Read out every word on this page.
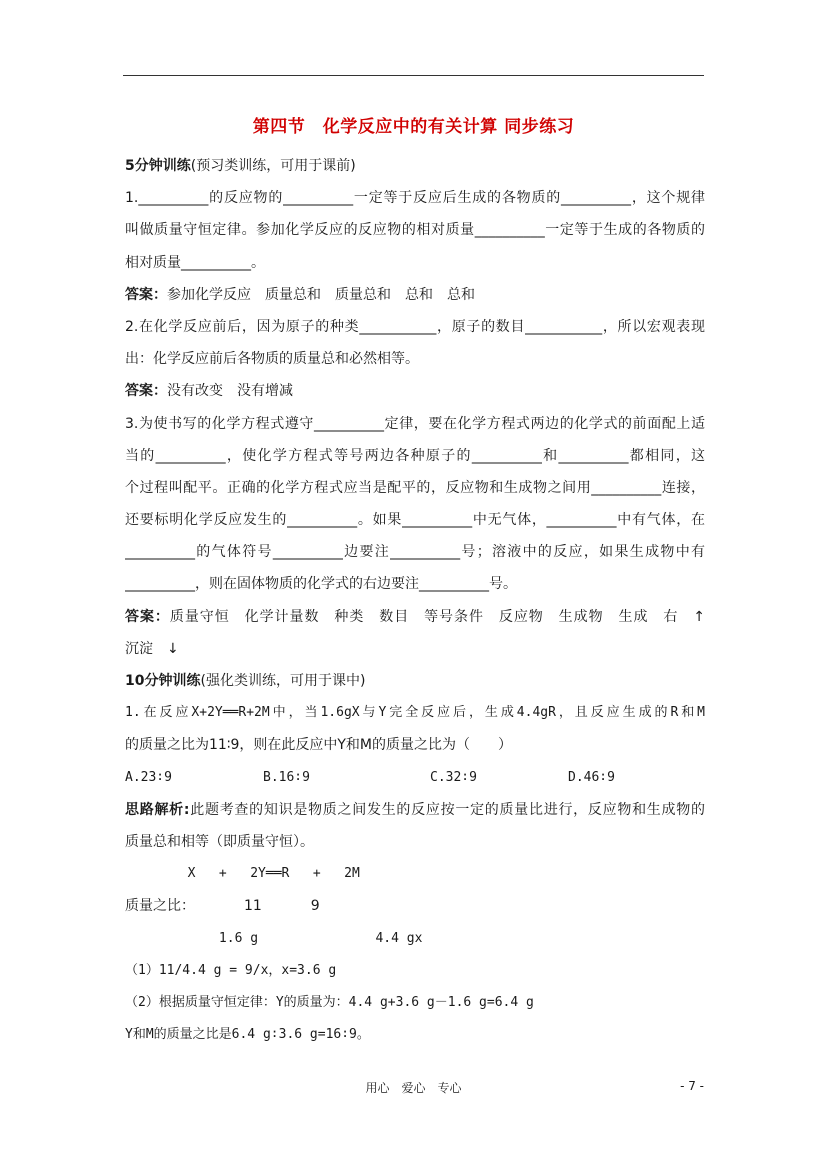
第四节　化学反应中的有关计算 同步练习
5分钟训练(预习类训练，可用于课前)
1.__________的反应物的__________一定等于反应后生成的各物质的__________，这个规律
叫做质量守恒定律。参加化学反应的反应物的相对质量__________一定等于生成的各物质的
相对质量__________。
答案：参加化学反应　质量总和　质量总和　总和　总和
2.在化学反应前后，因为原子的种类___________，原子的数目___________，所以宏观表现
出：化学反应前后各物质的质量总和必然相等。
答案：没有改变　没有增减
3.为使书写的化学方程式遵守__________定律，要在化学方程式两边的化学式的前面配上适
当的__________，使化学方程式等号两边各种原子的__________和__________都相同，这
个过程叫配平。正确的化学方程式应当是配平的，反应物和生成物之间用__________连接，
还要标明化学反应发生的__________。如果__________中无气体，__________中有气体，在
__________的气体符号__________边要注__________号；溶液中的反应，如果生成物中有
__________，则在固体物质的化学式的右边要注__________号。
答案：质量守恒　化学计量数　种类　数目　等号条件　反应物　生成物　生成　右　↑
沉淀　↓
10分钟训练(强化类训练，可用于课中)
1.在反应X+2Y══R+2M中，当1.6gX与Y完全反应后，生成4.4gR，且反应生成的R和M
的质量之比为11∶9，则在此反应中Y和M的质量之比为（　　）
A.23∶9	B.16∶9	C.32∶9	D.46∶9
思路解析:此题考查的知识是物质之间发生的反应按一定的质量比进行，反应物和生成物的
质量总和相等（即质量守恒）。
X   +   2Y══R   +   2M
质量之比：           11           9
1.6 g               4.4 gx
（1）11/4.4 g = 9/x，x=3.6 g
（2）根据质量守恒定律：Y的质量为：4.4 g+3.6 g－1.6 g=6.4 g
Y和M的质量之比是6.4 g∶3.6 g=16∶9。
用心　爱心　专心	- 7 -
